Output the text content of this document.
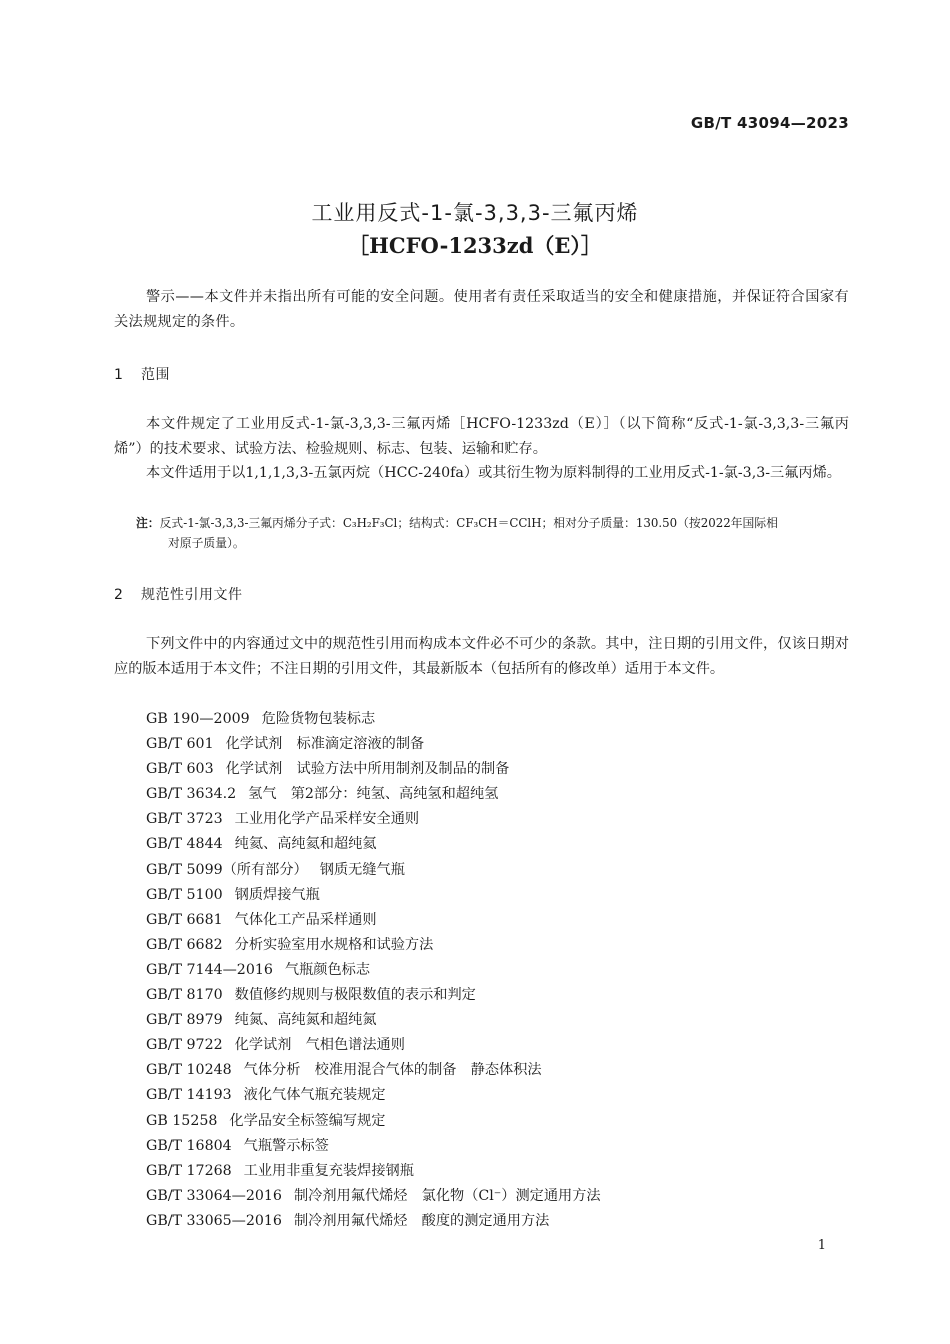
GB/T 43094—2023
工业用反式-1-氯-3,3,3-三氟丙烯
［HCFO-1233zd（E）］
警示——本文件并未指出所有可能的安全问题。使用者有责任采取适当的安全和健康措施，并保证符合国家有关法规规定的条件。
1 范围

本文件规定了工业用反式-1-氯-3,3,3-三氟丙烯［HCFO-1233zd（E）］（以下简称“反式-1-氯-3,3,3-三氟丙烯”）的技术要求、试验方法、检验规则、标志、包装、运输和贮存。

本文件适用于以1,1,1,3,3-五氯丙烷（HCC-240fa）或其衍生物为原料制得的工业用反式-1-氯-3,3-三氟丙烯。

注：反式-1-氯-3,3,3-三氟丙烯分子式：C₃H₂F₃Cl；结构式：CF₃CH＝CClH；相对分子质量：130.50（按2022年国际相
对原子质量）。

2 规范性引用文件

下列文件中的内容通过文中的规范性引用而构成本文件必不可少的条款。其中，注日期的引用文件，仅该日期对应的版本适用于本文件；不注日期的引用文件，其最新版本（包括所有的修改单）适用于本文件。

GB 190—2009 危险货物包装标志
GB/T 601 化学试剂　标准滴定溶液的制备
GB/T 603 化学试剂　试验方法中所用制剂及制品的制备
GB/T 3634.2 氢气　第2部分：纯氢、高纯氢和超纯氢
GB/T 3723 工业用化学产品采样安全通则
GB/T 4844 纯氦、高纯氦和超纯氦
GB/T 5099（所有部分） 钢质无缝气瓶
GB/T 5100 钢质焊接气瓶
GB/T 6681 气体化工产品采样通则
GB/T 6682 分析实验室用水规格和试验方法
GB/T 7144—2016 气瓶颜色标志
GB/T 8170 数值修约规则与极限数值的表示和判定
GB/T 8979 纯氮、高纯氮和超纯氮
GB/T 9722 化学试剂　气相色谱法通则
GB/T 10248 气体分析　校准用混合气体的制备　静态体积法
GB/T 14193 液化气体气瓶充装规定
GB 15258 化学品安全标签编写规定
GB/T 16804 气瓶警示标签
GB/T 17268 工业用非重复充装焊接钢瓶
GB/T 33064—2016 制冷剂用氟代烯烃　氯化物（Cl⁻）测定通用方法
GB/T 33065—2016 制冷剂用氟代烯烃　酸度的测定通用方法
1
